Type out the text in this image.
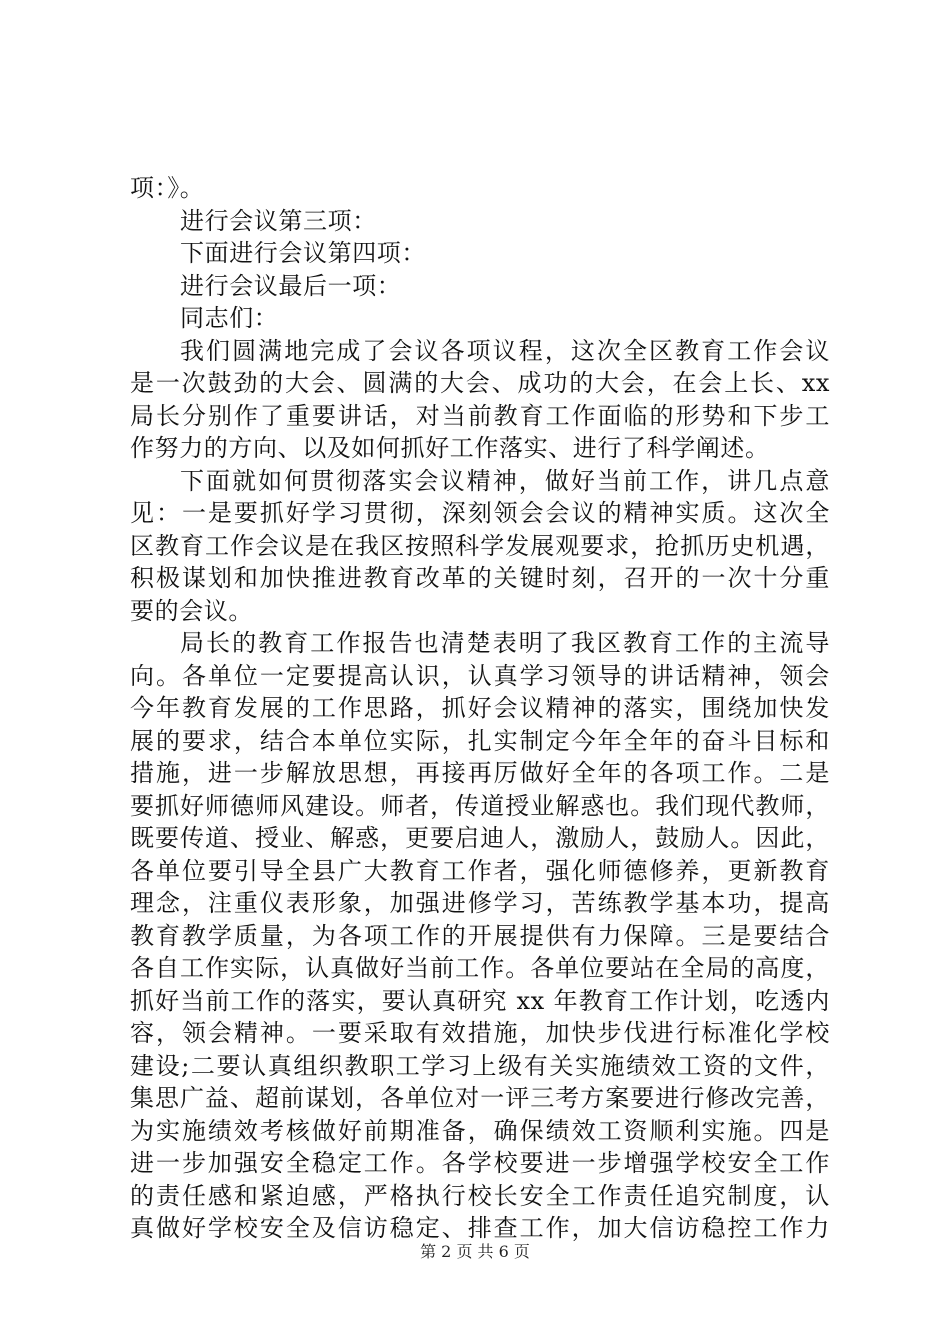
项：》。
进行会议第三项：
下面进行会议第四项：
进行会议最后一项：
同志们：
我们圆满地完成了会议各项议程，这次全区教育工作会议
是一次鼓劲的大会、圆满的大会、成功的大会，在会上长、xx
局长分别作了重要讲话，对当前教育工作面临的形势和下步工
作努力的方向、以及如何抓好工作落实、进行了科学阐述。
下面就如何贯彻落实会议精神，做好当前工作，讲几点意
见：一是要抓好学习贯彻，深刻领会会议的精神实质。这次全
区教育工作会议是在我区按照科学发展观要求，抢抓历史机遇，
积极谋划和加快推进教育改革的关键时刻，召开的一次十分重
要的会议。
局长的教育工作报告也清楚表明了我区教育工作的主流导
向。各单位一定要提高认识，认真学习领导的讲话精神，领会
今年教育发展的工作思路，抓好会议精神的落实，围绕加快发
展的要求，结合本单位实际，扎实制定今年全年的奋斗目标和
措施，进一步解放思想，再接再厉做好全年的各项工作。二是
要抓好师德师风建设。师者，传道授业解惑也。我们现代教师，
既要传道、授业、解惑，更要启迪人，激励人，鼓励人。因此，
各单位要引导全县广大教育工作者，强化师德修养，更新教育
理念，注重仪表形象，加强进修学习，苦练教学基本功，提高
教育教学质量，为各项工作的开展提供有力保障。三是要结合
各自工作实际，认真做好当前工作。各单位要站在全局的高度，
抓好当前工作的落实，要认真研究 xx 年教育工作计划，吃透内
容，领会精神。一要采取有效措施，加快步伐进行标准化学校
建设;二要认真组织教职工学习上级有关实施绩效工资的文件，
集思广益、超前谋划，各单位对一评三考方案要进行修改完善，
为实施绩效考核做好前期准备，确保绩效工资顺利实施。四是
进一步加强安全稳定工作。各学校要进一步增强学校安全工作
的责任感和紧迫感，严格执行校长安全工作责任追究制度，认
真做好学校安全及信访稳定、排查工作，加大信访稳控工作力
第 2 页 共 6 页
